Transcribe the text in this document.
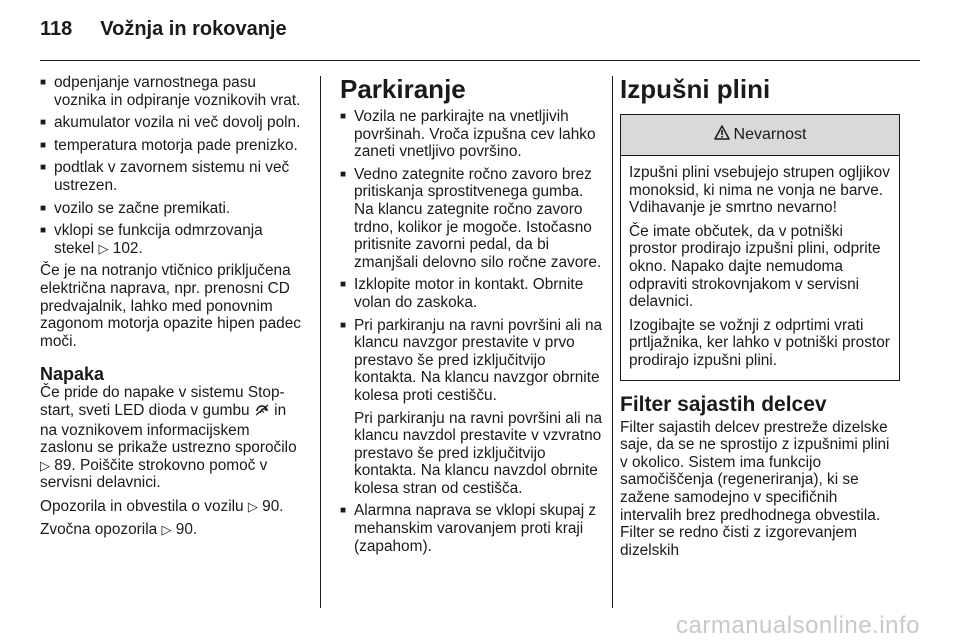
118 Vožnja in rokovanje
■ odpenjanje varnostnega pasu voznika in odpiranje voznikovih vrat.
■ akumulator vozila ni več dovolj poln.
■ temperatura motorja pade prenizko.
■ podtlak v zavornem sistemu ni več ustrezen.
■ vozilo se začne premikati.
■ vklopi se funkcija odmrzovanja stekel ▷ 102.

Če je na notranjo vtičnico priključena električna naprava, npr. prenosni CD predvajalnik, lahko med ponovnim zagonom motorja opazite hipen padec moči.

Napaka

Če pride do napake v sistemu Stop-start, sveti LED dioda v gumbu A in na voznikovem informacijskem zaslonu se prikaže ustrezno sporočilo ▷ 89. Poiščite strokovno pomoč v servisni delavnici.

Opozorila in obvestila o vozilu ▷ 90.

Zvočna opozorila ▷ 90.

Parkiranje
■ Vozila ne parkirajte na vnetljivih površinah. Vroča izpušna cev lahko zaneti vnetljivo površino.
■ Vedno zategnite ročno zavoro brez pritiskanja sprostitvenega gumba. Na klancu zategnite ročno zavoro trdno, kolikor je mogoče. Istočasno pritisnite zavorni pedal, da bi zmanjšali delovno silo ročne zavore.
■ Izklopite motor in kontakt. Obrnite volan do zaskoka.
■ Pri parkiranju na ravni površini ali na klancu navzgor prestavite v prvo prestavo še pred izključitvijo kontakta. Na klancu navzgor obrnite kolesa proti cestišču.

Pri parkiranju na ravni površini ali na klancu navzdol prestavite v vzvratno prestavo še pred izključitvijo kontakta. Na klancu navzdol obrnite kolesa stran od cestišča.

■ Alarmna naprava se vklopi skupaj z mehanskim varovanjem proti kraji (zapahom).
Izpušni plini
Nevarnost

Izpušni plini vsebujejo strupen ogljikov monoksid, ki nima ne vonja ne barve. Vdihavanje je smrtno nevarno!

Če imate občutek, da v potniški prostor prodirajo izpušni plini, odprite okno. Napako dajte nemudoma odpraviti strokovnjakom v servisni delavnici.

Izogibajte se vožnji z odprtimi vrati prtljažnika, ker lahko v potniški prostor prodirajo izpušni plini.

Filter sajastih delcev

Filter sajastih delcev prestreže dizelske saje, da se ne sprostijo z izpušnimi plini v okolico. Sistem ima funkcijo samočiščenja (regeneriranja), ki se zažene samodejno v specifičnih intervalih brez predhodnega obvestila. Filter se redno čisti z izgorevanjem dizelskih

carmanualsonline.info
